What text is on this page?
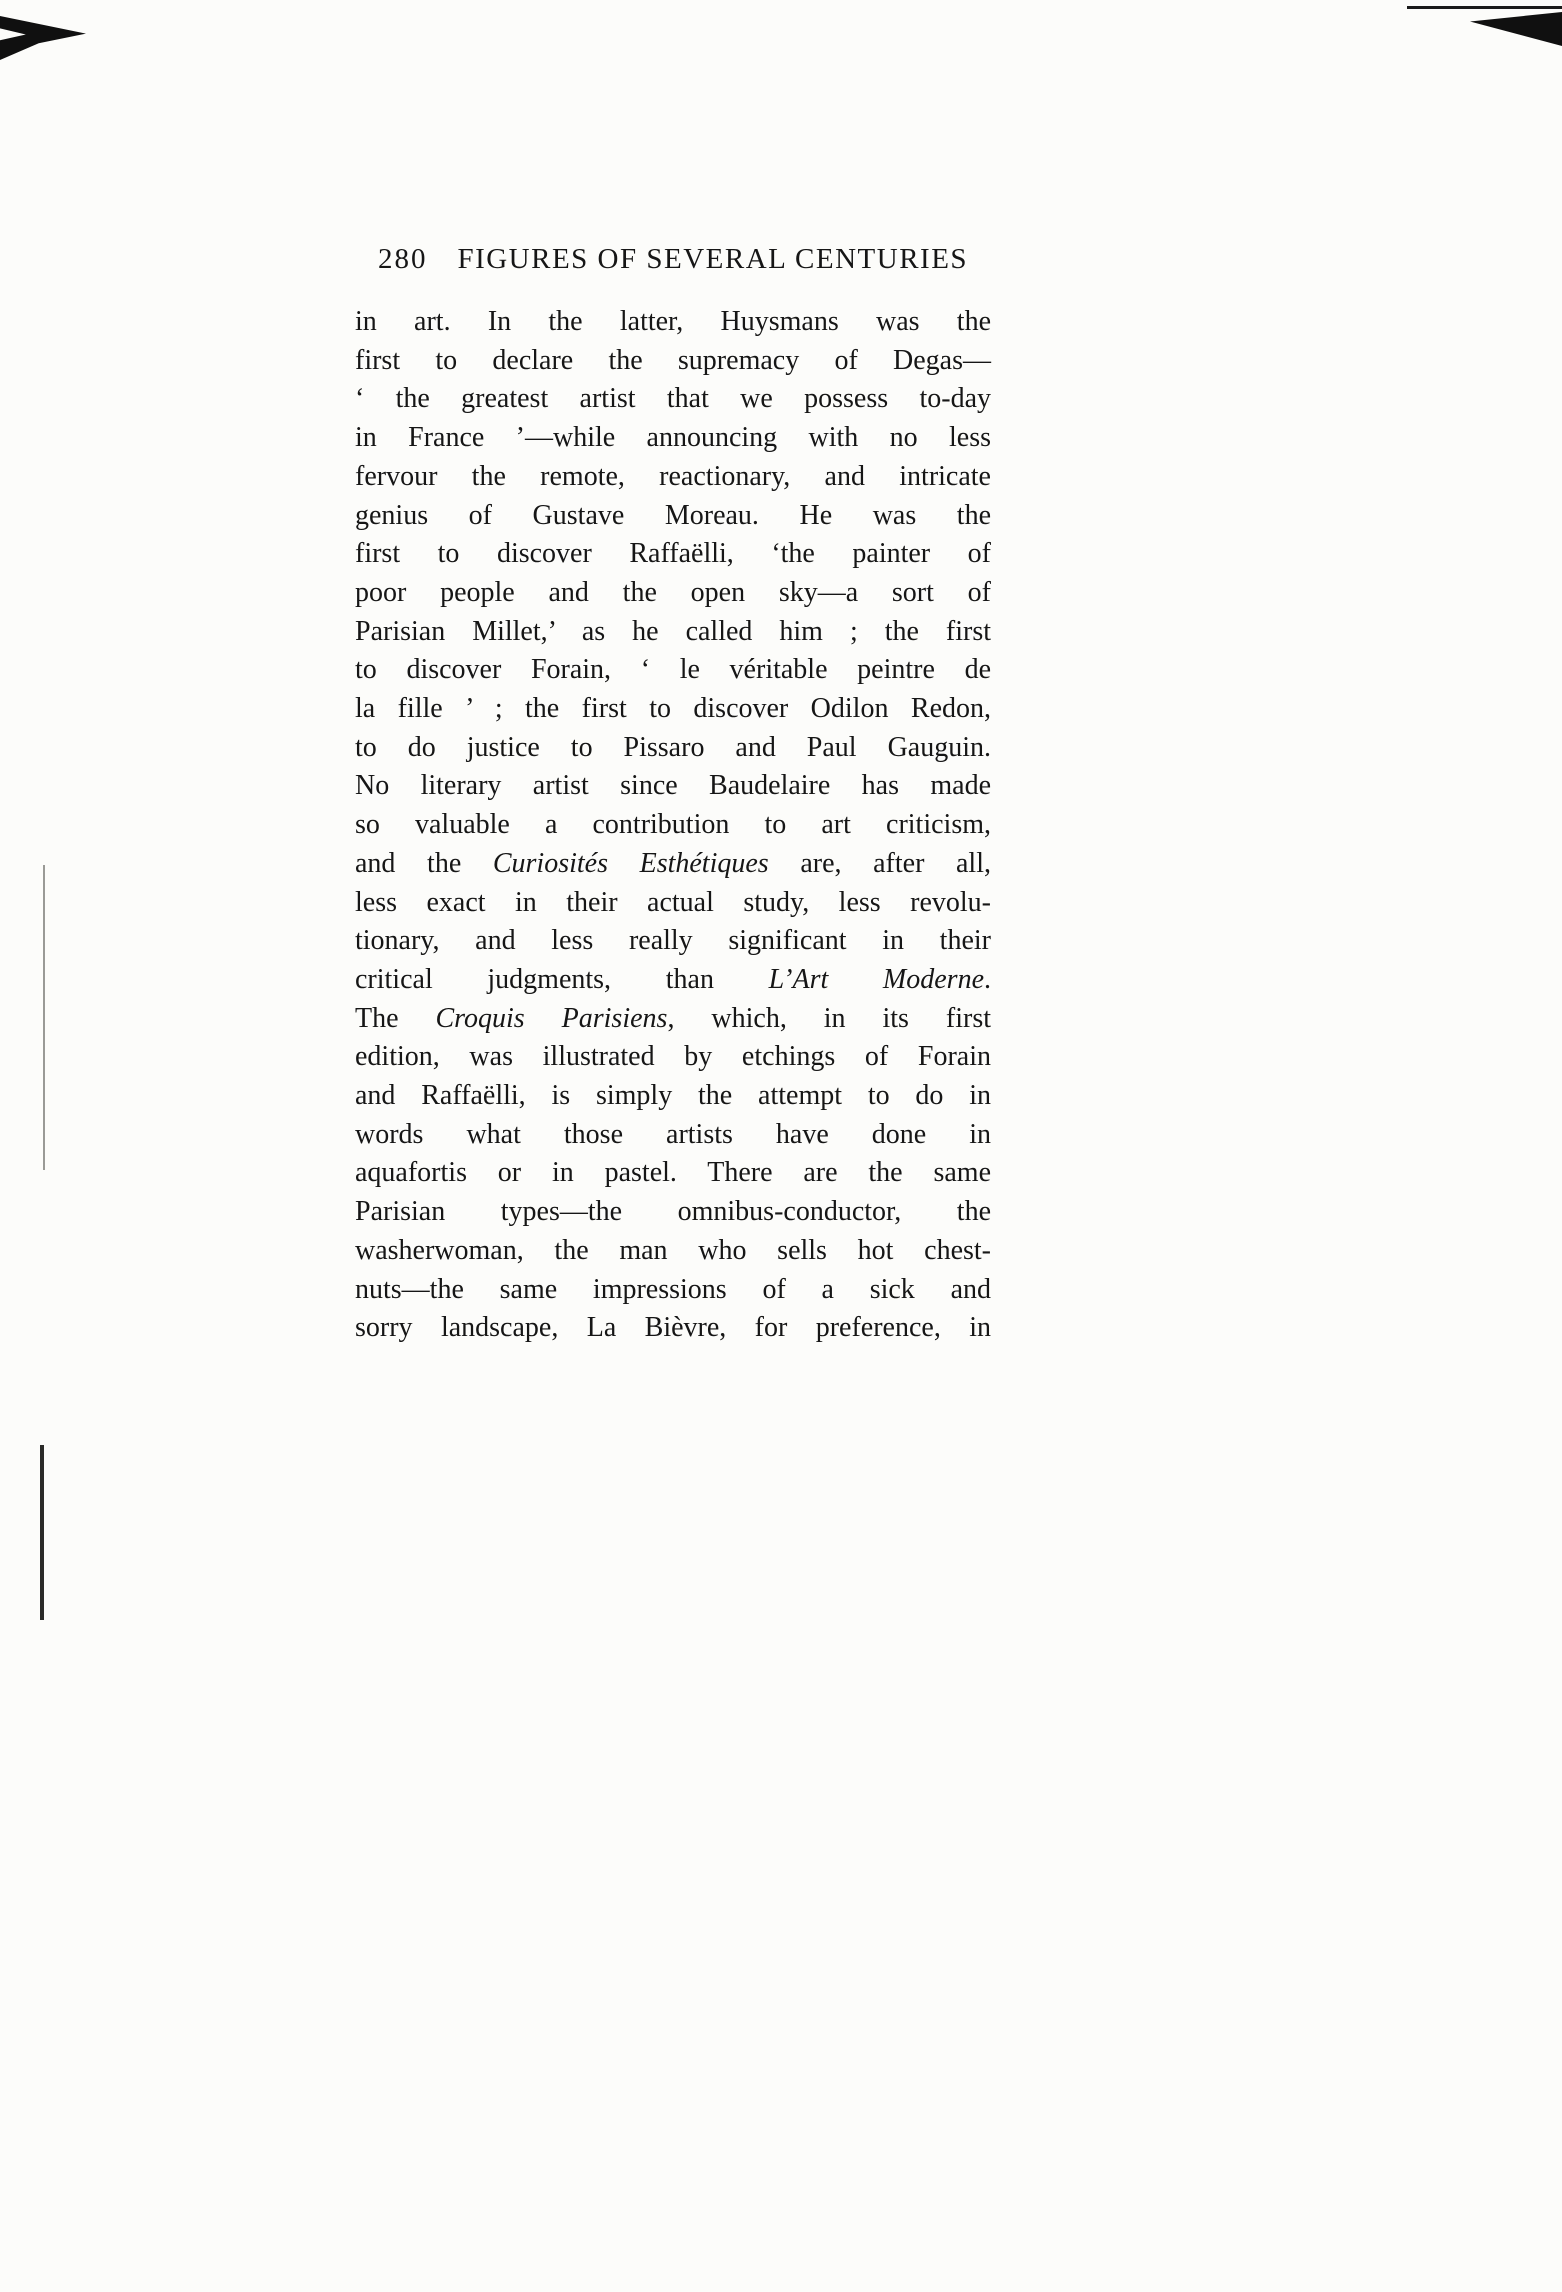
280 FIGURES OF SEVERAL CENTURIES
in art. In the latter, Huysmans was the
first to declare the supremacy of Degas—
‘ the greatest artist that we possess to-day
in France ’—while announcing with no less
fervour the remote, reactionary, and intricate
genius of Gustave Moreau. He was the
first to discover Raffaëlli, ‘the painter of
poor people and the open sky—a sort of
Parisian Millet,’ as he called him ; the first
to discover Forain, ‘ le véritable peintre de
la fille ’ ; the first to discover Odilon Redon,
to do justice to Pissaro and Paul Gauguin.
No literary artist since Baudelaire has made
so valuable a contribution to art criticism,
and the Curiosités Esthétiques are, after all,
less exact in their actual study, less revolu-
tionary, and less really significant in their
critical judgments, than L’Art Moderne.
The Croquis Parisiens, which, in its first
edition, was illustrated by etchings of Forain
and Raffaëlli, is simply the attempt to do in
words what those artists have done in
aquafortis or in pastel. There are the same
Parisian types—the omnibus-conductor, the
washerwoman, the man who sells hot chest-
nuts—the same impressions of a sick and
sorry landscape, La Bièvre, for preference, in
